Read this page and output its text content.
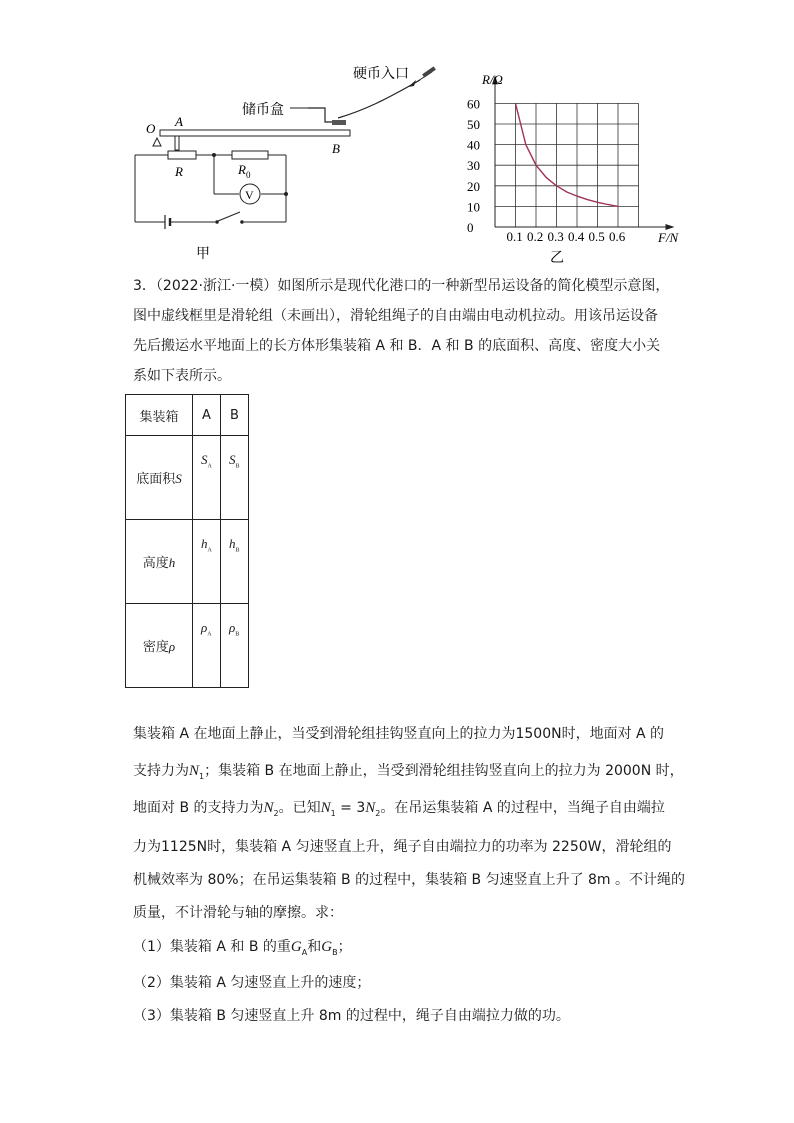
O A
B
储币盒
硬币入口
V
R	$R_0$
甲
0.1 0.2 0.3 0.4 0.5 0.6
0
10
20
30
40
50
60
R/Ω
F/N
乙
3．（2022·浙江·一模）如图所示是现代化港口的一种新型吊运设备的简化模型示意图，
图中虚线框里是滑轮组（未画出），滑轮组绳子的自由端由电动机拉动。用该吊运设备
先后搬运水平地面上的长方体形集装箱 A 和 B．A 和 B 的底面积、高度、密度大小关
系如下表所示。
集装箱	A	B
底面积S	$S_A$	$S_B$
高度h	$h_A$	$h_B$
密度ρ	$\rho_A$	$\rho_B$
集装箱 A 在地面上静止，当受到滑轮组挂钩竖直向上的拉力为1500N时，地面对 A 的
支持力为$N_1$；集装箱 B 在地面上静止，当受到滑轮组挂钩竖直向上的拉力为 2000N 时，
地面对 B 的支持力为$N_2$。已知$N_1 = 3N_2$。在吊运集装箱 A 的过程中，当绳子自由端拉
力为1125N时，集装箱 A 匀速竖直上升，绳子自由端拉力的功率为 2250W，滑轮组的
机械效率为 80%；在吊运集装箱 B 的过程中，集装箱 B 匀速竖直上升了 8m 。不计绳的
质量，不计滑轮与轴的摩擦。求：
（1）集装箱 A 和 B 的重$G_A$和$G_B$；
（2）集装箱 A 匀速竖直上升的速度；
（3）集装箱 B 匀速竖直上升 8m 的过程中，绳子自由端拉力做的功。
